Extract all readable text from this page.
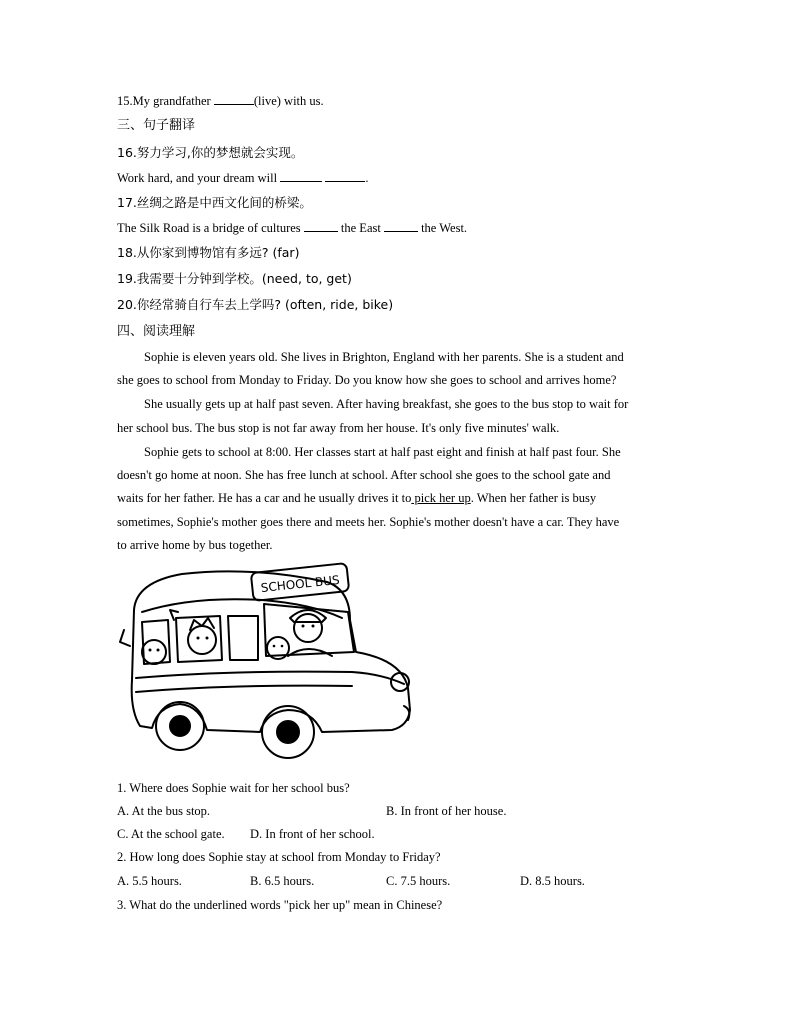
15.My grandfather	(live) with us.
三、句子翻译
16.努力学习,你的梦想就会实现。
Work hard, and your dream will	.
17.丝绸之路是中西文化间的桥梁。
The Silk Road is a bridge of cultures	the East	the West.
18.从你家到博物馆有多远? (far)
19.我需要十分钟到学校。(need, to, get)
20.你经常骑自行车去上学吗? (often, ride, bike)
四、阅读理解
Sophie is eleven years old. She lives in Brighton, England with her parents. She is a student and
she goes to school from Monday to Friday. Do you know how she goes to school and arrives home?
She usually gets up at half past seven. After having breakfast, she goes to the bus stop to wait for
her school bus. The bus stop is not far away from her house. It's only five minutes' walk.
Sophie gets to school at 8:00. Her classes start at half past eight and finish at half past four. She
doesn't go home at noon. She has free lunch at school. After school she goes to the school gate and
waits for her father. He has a car and he usually drives it to pick her up. When her father is busy
sometimes, Sophie's mother goes there and meets her. Sophie's mother doesn't have a car. They have
to arrive home by bus together.
SCHOOL BUS
1. Where does Sophie wait for her school bus?
A. At the bus stop.	B. In front of her house.
C. At the school gate. D. In front of her school.
2. How long does Sophie stay at school from Monday to Friday?
A. 5.5 hours.	B. 6.5 hours.	C. 7.5 hours.	D. 8.5 hours.
3. What do the underlined words "pick her up" mean in Chinese?
